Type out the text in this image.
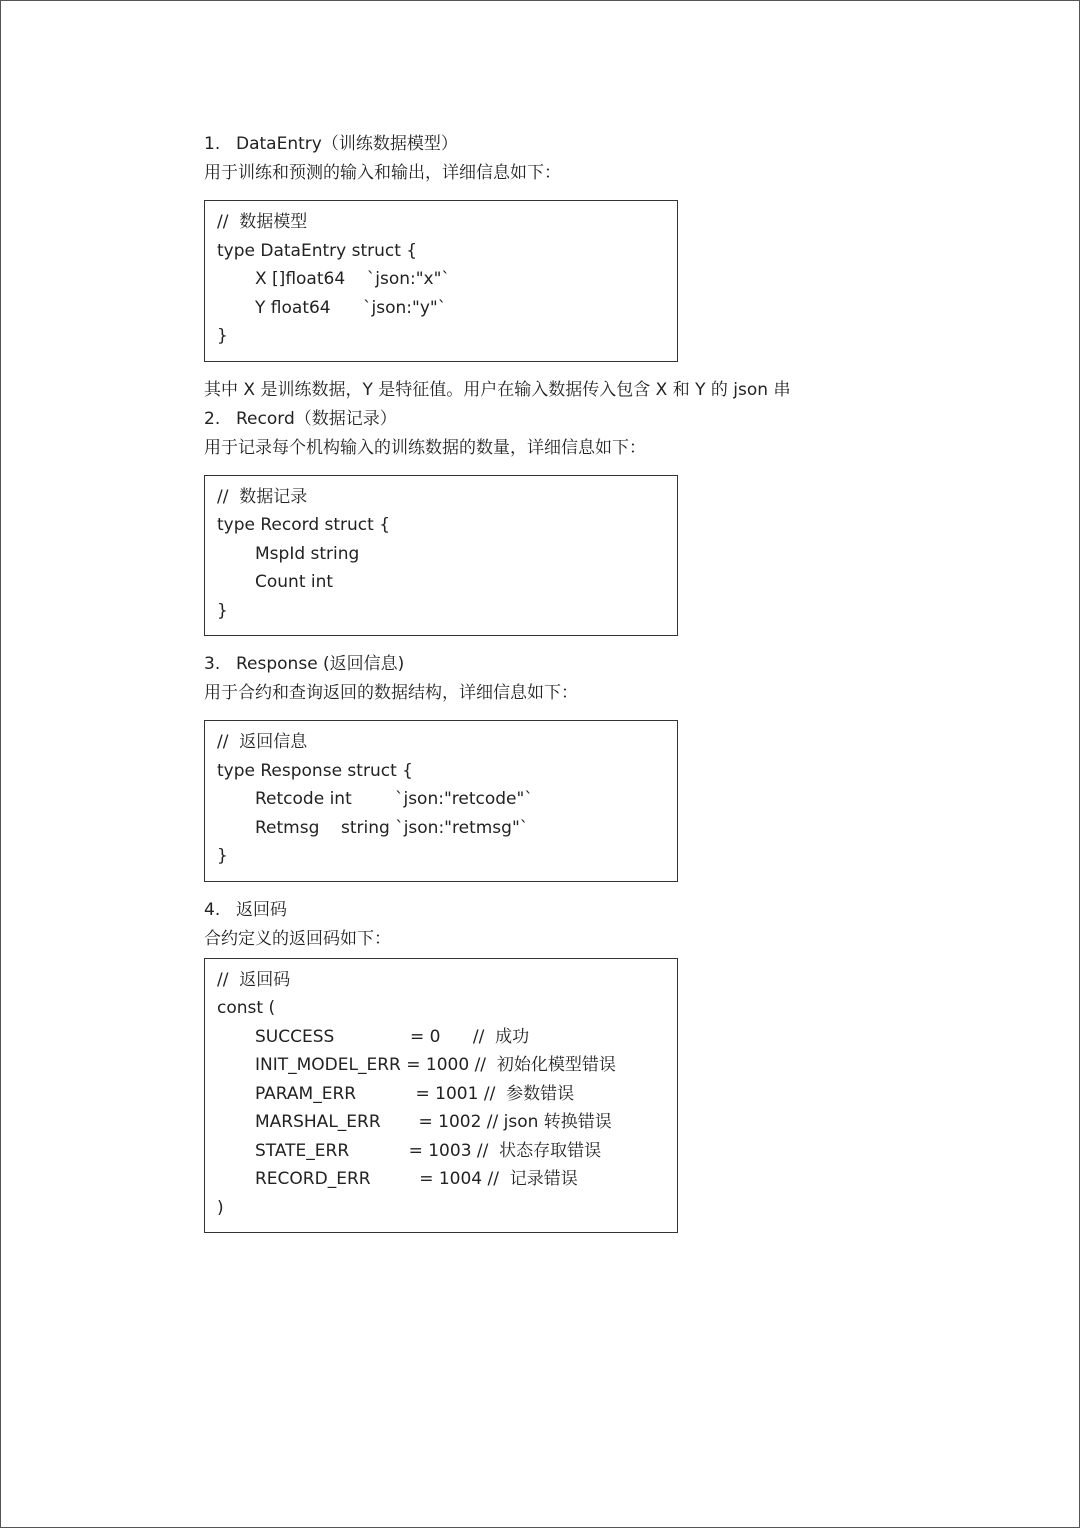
1. DataEntry（训练数据模型）
用于训练和预测的输入和输出，详细信息如下：
//  数据模型
type DataEntry struct {
X []float64    `json:"x"`
Y float64      `json:"y"`
}
其中 X 是训练数据，Y 是特征值。用户在输入数据传入包含 X 和 Y 的 json 串
2. Record（数据记录）
用于记录每个机构输入的训练数据的数量，详细信息如下：
//  数据记录
type Record struct {
MspId string
Count int
}
3. Response (返回信息)
用于合约和查询返回的数据结构，详细信息如下：
//  返回信息
type Response struct {
Retcode int        `json:"retcode"`
Retmsg    string `json:"retmsg"`
}
4. 返回码
合约定义的返回码如下：
//  返回码
const (
SUCCESS              = 0      //  成功
INIT_MODEL_ERR = 1000 //  初始化模型错误
PARAM_ERR           = 1001 //  参数错误
MARSHAL_ERR       = 1002 // json 转换错误
STATE_ERR           = 1003 //  状态存取错误
RECORD_ERR         = 1004 //  记录错误
)
